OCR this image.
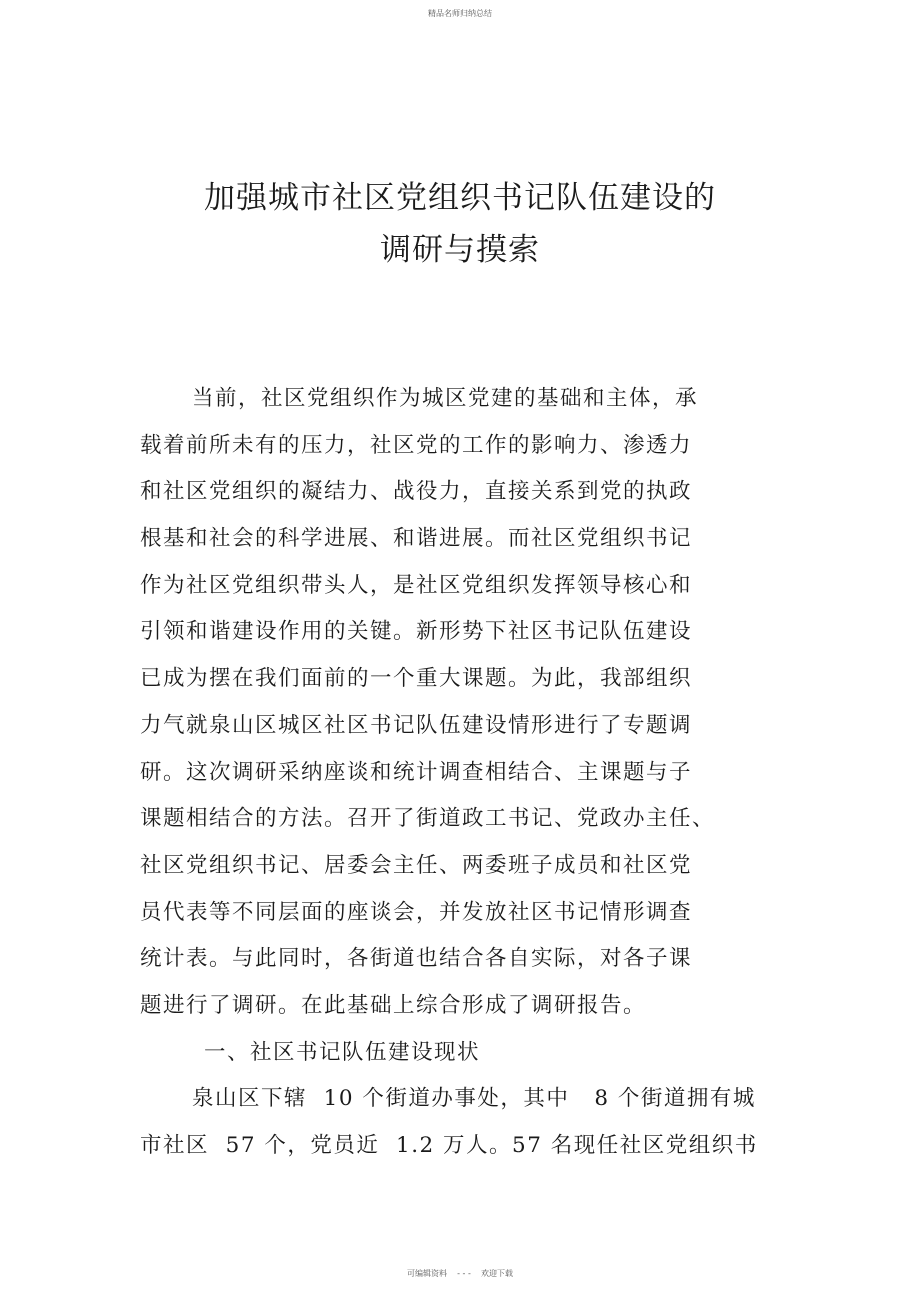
精品名师归纳总结
加强城市社区党组织书记队伍建设的
调研与摸索
当前，社区党组织作为城区党建的基础和主体，承
载着前所未有的压力，社区党的工作的影响力、渗透力
和社区党组织的凝结力、战役力，直接关系到党的执政
根基和社会的科学进展、和谐进展。而社区党组织书记
作为社区党组织带头人，是社区党组织发挥领导核心和
引领和谐建设作用的关键。新形势下社区书记队伍建设
已成为摆在我们面前的一个重大课题。为此，我部组织
力气就泉山区城区社区书记队伍建设情形进行了专题调
研。这次调研采纳座谈和统计调查相结合、主课题与子
课题相结合的方法。召开了街道政工书记、党政办主任、
社区党组织书记、居委会主任、两委班子成员和社区党
员代表等不同层面的座谈会，并发放社区书记情形调查
统计表。与此同时，各街道也结合各自实际，对各子课
题进行了调研。在此基础上综合形成了调研报告。
一、社区书记队伍建设现状
泉山区下辖  10 个街道办事处，其中   8 个街道拥有城
市社区  57 个，党员近  1.2 万人。57 名现任社区党组织书
可编辑资料    - - -    欢迎下载
